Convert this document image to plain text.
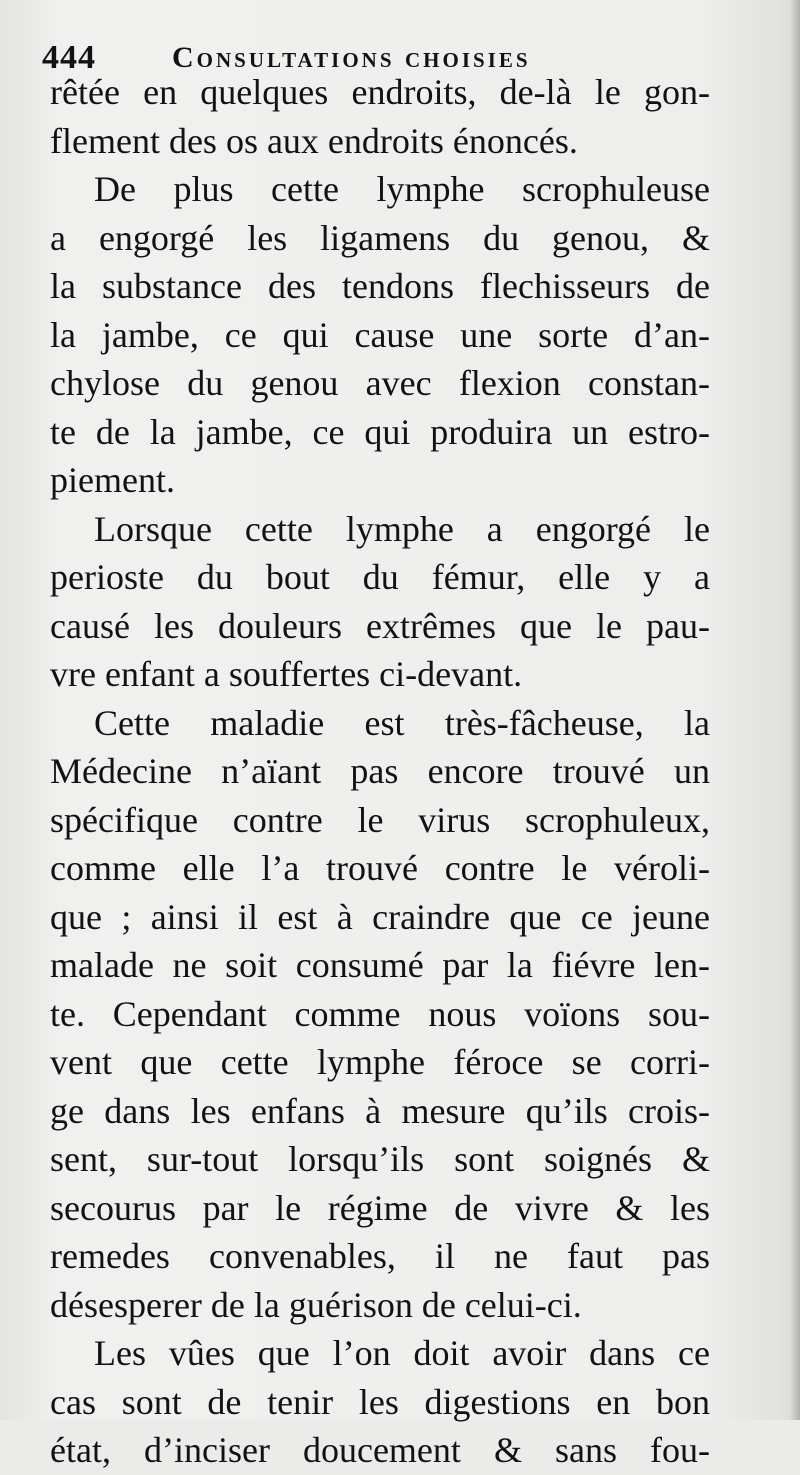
444	Consultations choisies
rêtée en quelques endroits, de-là le gon-
flement des os aux endroits énoncés.
De plus cette lymphe scrophuleuse
a engorgé les ligamens du genou, &
la substance des tendons flechisseurs de
la jambe, ce qui cause une sorte d’an-
chylose du genou avec flexion constan-
te de la jambe, ce qui produira un estro-
piement.
Lorsque cette lymphe a engorgé le
perioste du bout du fémur, elle y a
causé les douleurs extrêmes que le pau-
vre enfant a souffertes ci-devant.
Cette maladie est très-fâcheuse, la
Médecine n’aïant pas encore trouvé un
spécifique contre le virus scrophuleux,
comme elle l’a trouvé contre le véroli-
que ; ainsi il est à craindre que ce jeune
malade ne soit consumé par la fiévre len-
te. Cependant comme nous voïons sou-
vent que cette lymphe féroce se corri-
ge dans les enfans à mesure qu’ils crois-
sent, sur-tout lorsqu’ils sont soignés &
secourus par le régime de vivre & les
remedes convenables, il ne faut pas
désesperer de la guérison de celui-ci.
Les vûes que l’on doit avoir dans ce
cas sont de tenir les digestions en bon
état, d’inciser doucement & sans fou-
